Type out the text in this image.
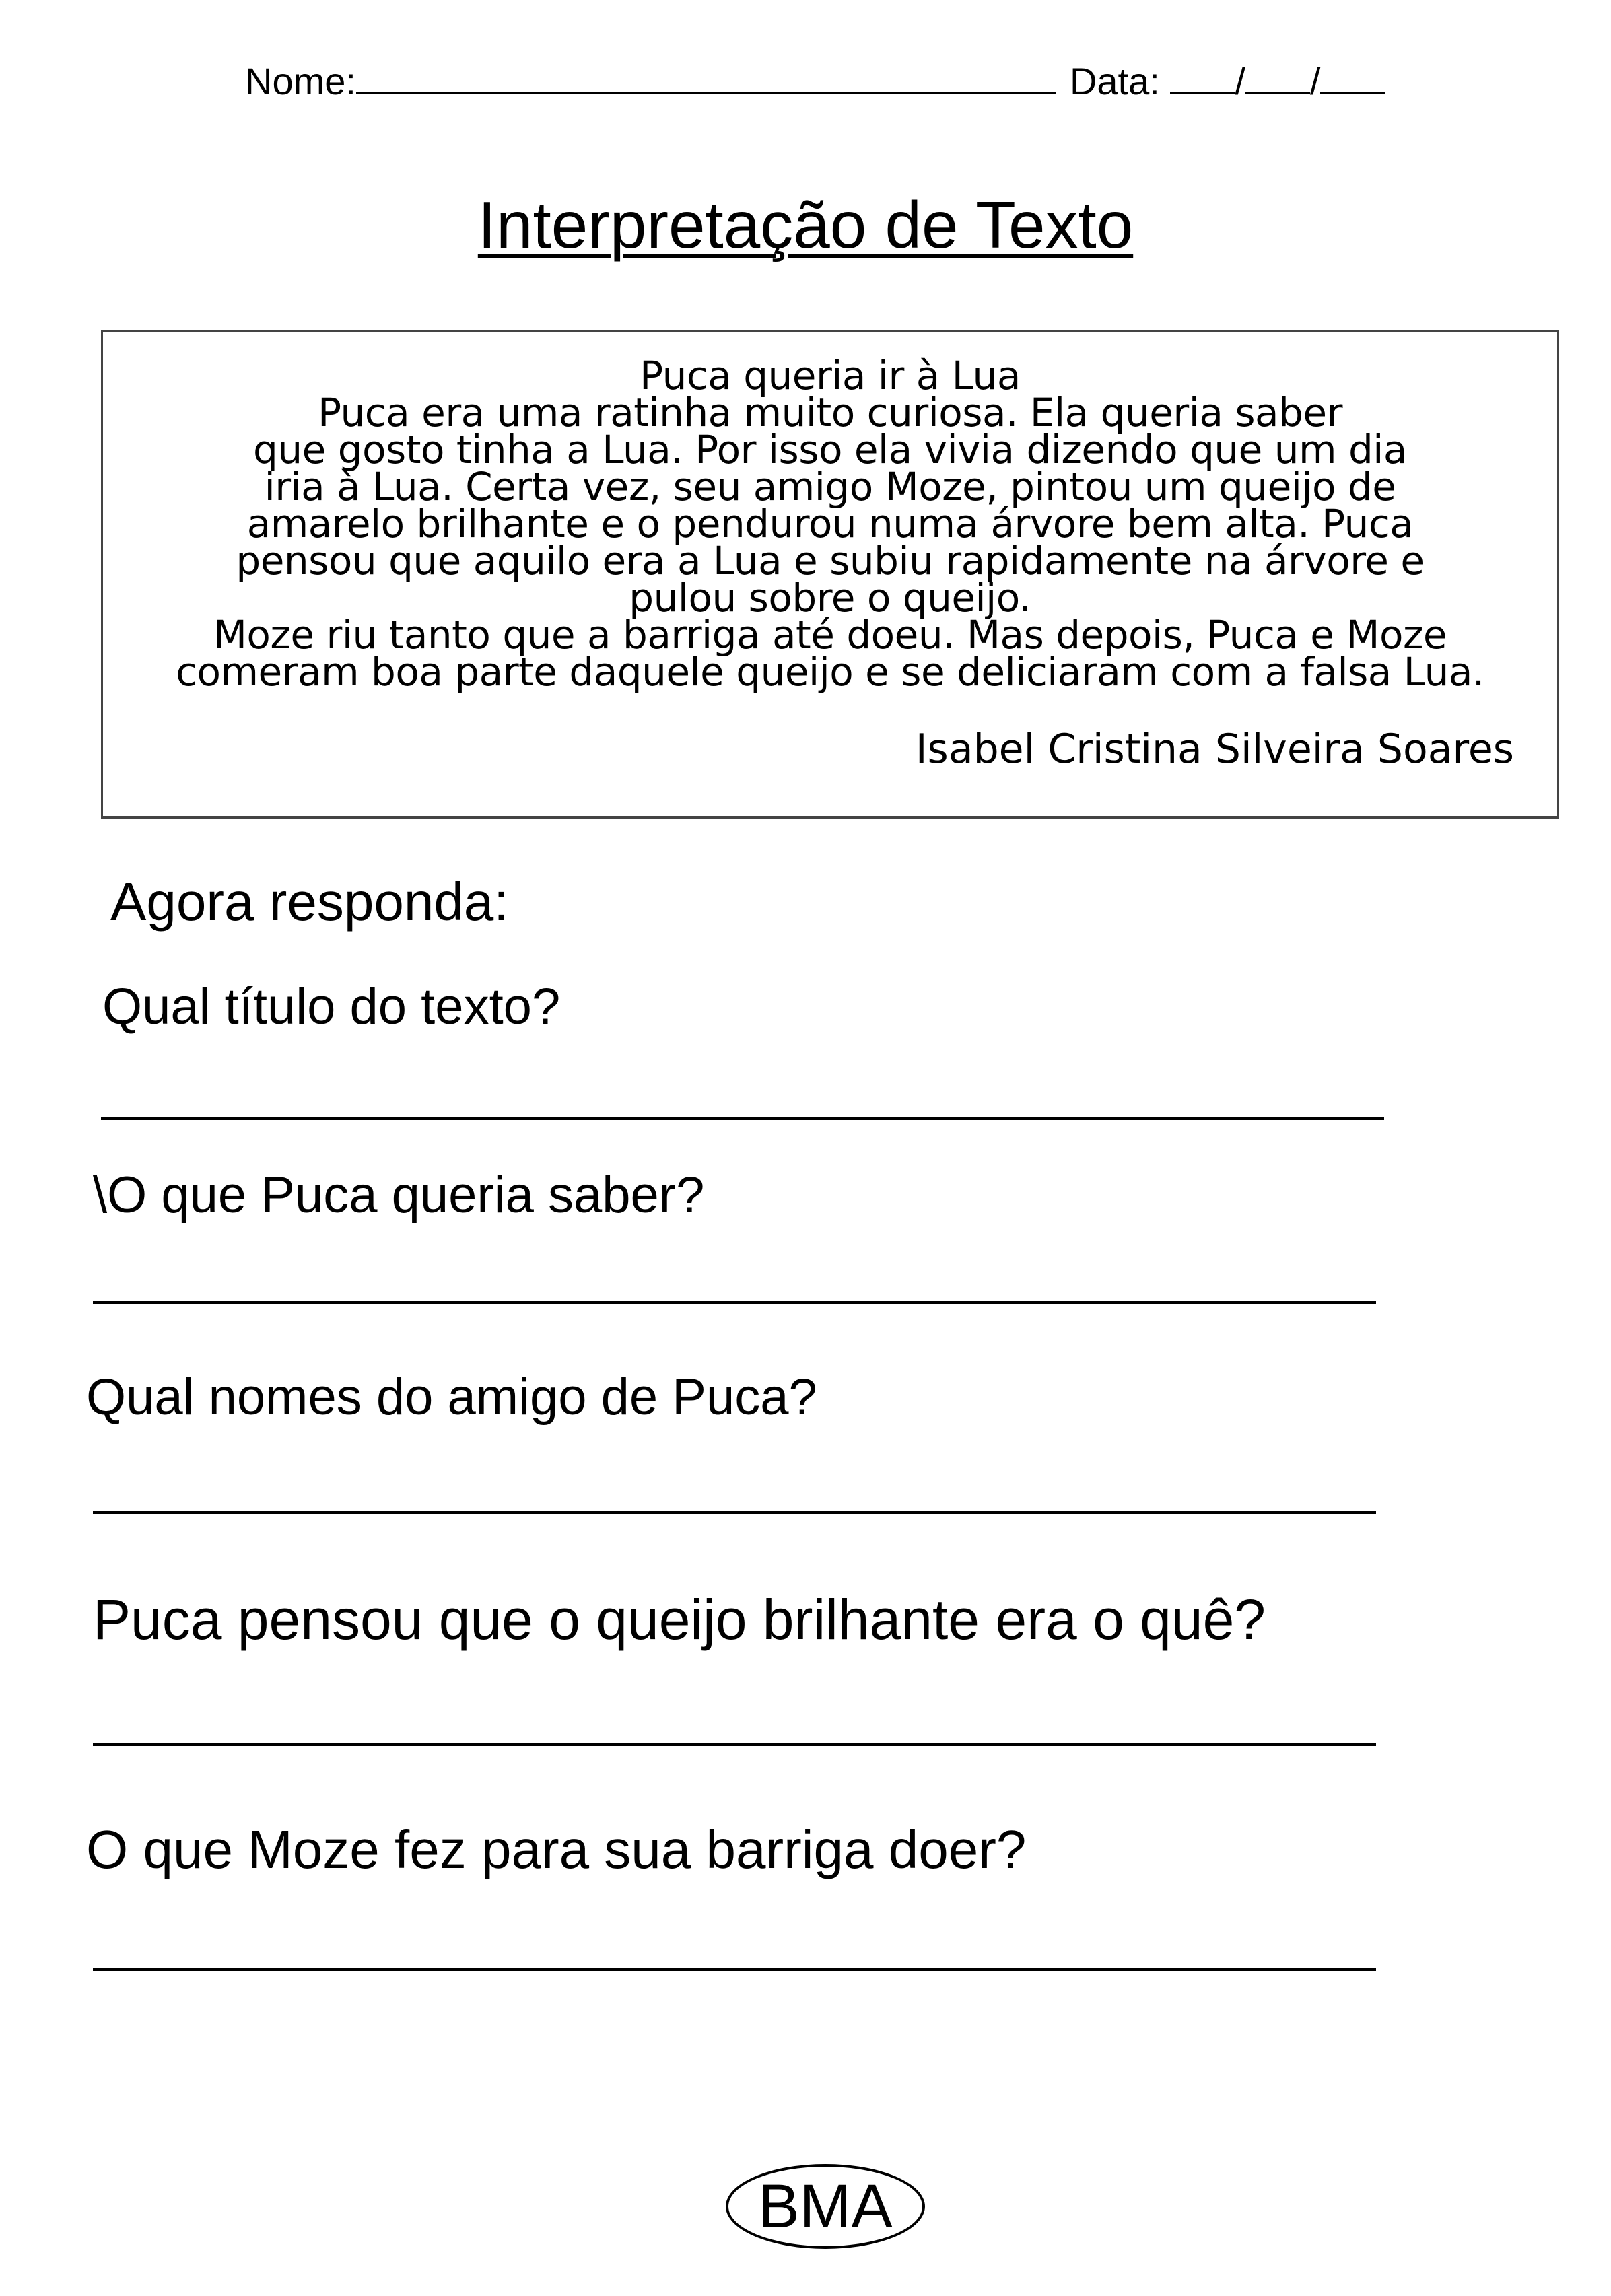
Nome:	Data: / /
Interpretação de Texto
Puca queria ir à Lua
Puca era uma ratinha muito curiosa. Ela queria saber
que gosto tinha a Lua. Por isso ela vivia dizendo que um dia
iria à Lua. Certa vez, seu amigo Moze, pintou um queijo de
amarelo brilhante e o pendurou numa árvore bem alta. Puca
pensou que aquilo era a Lua e subiu rapidamente na árvore e
pulou sobre o queijo.
Moze riu tanto que a barriga até doeu. Mas depois, Puca e Moze
comeram boa parte daquele queijo e se deliciaram com a falsa Lua.
Isabel Cristina Silveira Soares
Agora responda:
Qual título do texto?
\O que Puca queria saber?
Qual nomes do amigo de Puca?
Puca pensou que o queijo brilhante era o quê?
O que Moze fez para sua barriga doer?
BMA
